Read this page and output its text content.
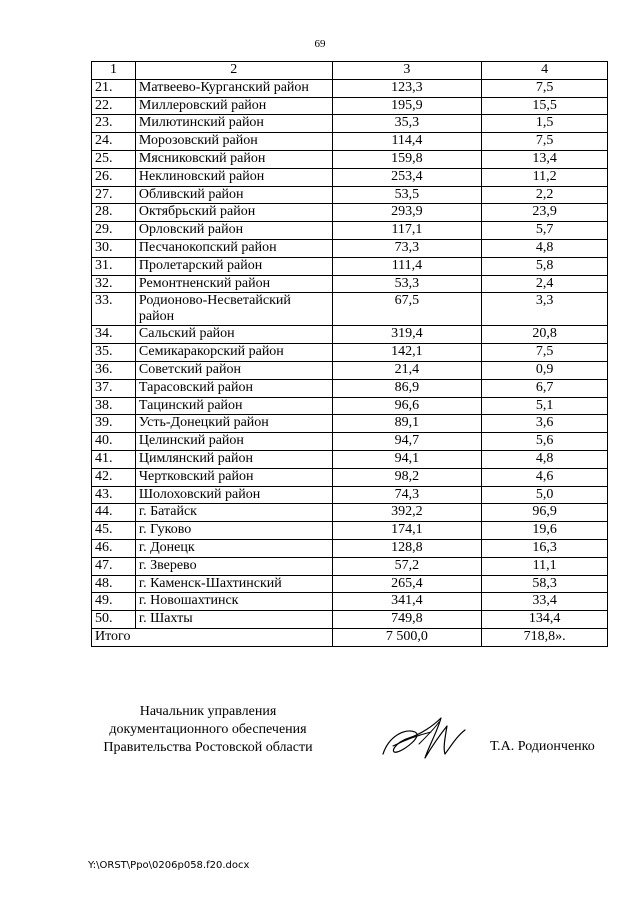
69
1	2	3	4
21.	Матвеево-Курганский район	123,3	7,5
22.	Миллеровский район	195,9	15,5
23.	Милютинский район	35,3	1,5
24.	Морозовский район	114,4	7,5
25.	Мясниковский район	159,8	13,4
26.	Неклиновский район	253,4	11,2
27.	Обливский район	53,5	2,2
28.	Октябрьский район	293,9	23,9
29.	Орловский район	117,1	5,7
30.	Песчанокопский район	73,3	4,8
31.	Пролетарский район	111,4	5,8
32.	Ремонтненский район	53,3	2,4
33.	Родионово-Несветайский район	67,5	3,3
34.	Сальский район	319,4	20,8
35.	Семикаракорский район	142,1	7,5
36.	Советский район	21,4	0,9
37.	Тарасовский район	86,9	6,7
38.	Тацинский район	96,6	5,1
39.	Усть-Донецкий район	89,1	3,6
40.	Целинский район	94,7	5,6
41.	Цимлянский район	94,1	4,8
42.	Чертковский район	98,2	4,6
43.	Шолоховский район	74,3	5,0
44.	г. Батайск	392,2	96,9
45.	г. Гуково	174,1	19,6
46.	г. Донецк	128,8	16,3
47.	г. Зверево	57,2	11,1
48.	г. Каменск-Шахтинский	265,4	58,3
49.	г. Новошахтинск	341,4	33,4
50.	г. Шахты	749,8	134,4
Итого		7 500,0	718,8».
Начальник управления
документационного обеспечения
Правительства Ростовской области	Т.А. Родионченко
Y:\ORST\Ppo\0206p058.f20.docx
